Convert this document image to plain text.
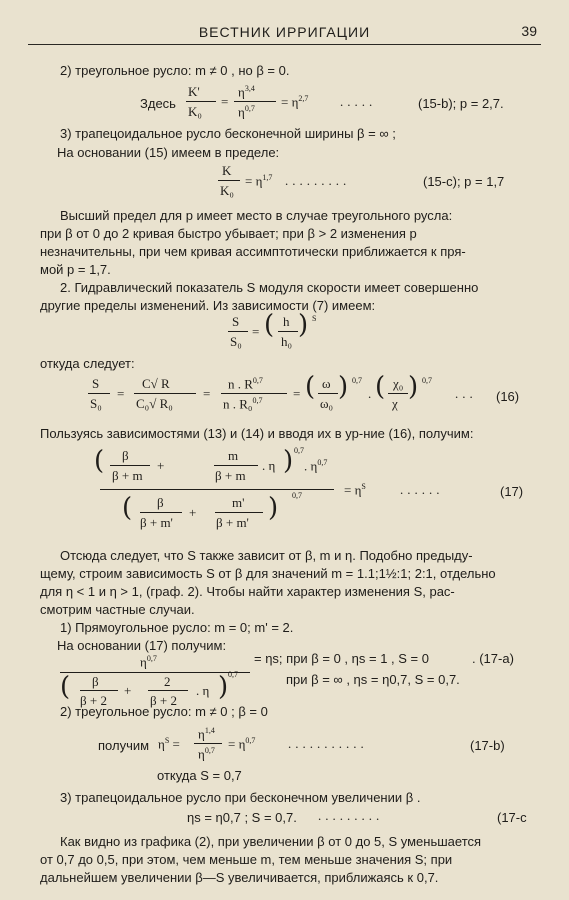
ВЕСТНИК ИРРИГАЦИИ	39
2) треугольное русло: m ≠ 0 , но β = 0.
Здесь
K'
K₀
=
$\eta^{3,4}$
$\eta^{0,7} = \eta^{2,7}$ .....	(15-b); p = 2,7.
3) трапецоидальное русло бесконечной ширины β = ∞ ;
На основании (15) имеем в пределе:
K
K₀
= $\eta^{1,7}$ .........	(15-c); p = 1,7
Высший предел для p имеет место в случае треугольного русла:
при β от 0 до 2 кривая быстро убывает; при β > 2 изменения p
незначительны, при чем кривая ассимптотически приближается к пря-
мой p = 1,7.
2. Гидравлический показатель S модуля скорости имеет совершенно
другие пределы изменений. Из зависимости (7) имеем:
S
S₀
= ( h
h₀
) S
откуда следует:
S
S₀
=
C√ R
C₀√ R₀
=
n . R$^{0,7}$
n . R₀$^{0,7}$ = ( ω
ω₀
) 0,7
. ( χ₀
χ
) 0,7
... (16)
Пользуясь зависимостями (13) и (14) и вводя их в ур-ние (16), получим:
( β
β + m
+
m
β + m
. η ) 0,7
. $\eta^{0,7}$
( β
β + m'
+
m'
β + m' ) 0,7	= $\eta^S$	......	(17)
Отсюда следует, что S также зависит от β, m и η. Подобно предыду-
щему, строим зависимость S от β для значений m = 1.1;1½:1; 2:1, отдельно
для η < 1 и η > 1, (граф. 2). Чтобы найти характер изменения S, рас-
смотрим частные случаи.
1) Прямоугольное русло: m = 0; m' = 2.
На основании (17) получим:
$\eta^{0,7}$
( β
β + 2
+
2
β + 2
. η ) 0,7
= ηs; при β = 0 , ηs = 1 , S = 0	. (17-a)
при β = ∞ , ηs = η0,7, S = 0,7.
2) треугольное русло: m ≠ 0 ; β = 0
получим $\eta^S$ =
$\eta^{1,4}$
$\eta^{0,7} = \eta^{0,7}$	...........	(17-b)
откуда S = 0,7
3) трапецоидальное русло при бесконечном увеличении β .
ηs = η0,7 ; S = 0,7. .........	(17-c
Как видно из графика (2), при увеличении β от 0 до 5, S уменьшается
от 0,7 до 0,5, при этом, чем меньше m, тем меньше значения S; при
дальнейшем увеличении β—S увеличивается, приближаясь к 0,7.
